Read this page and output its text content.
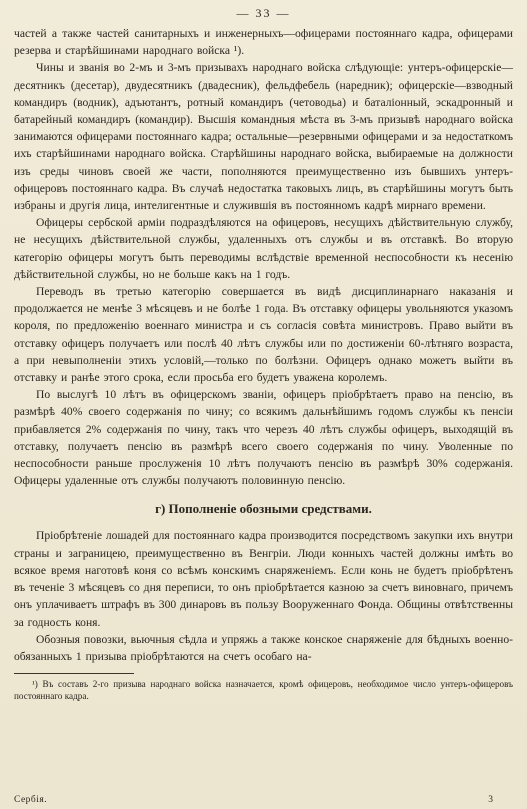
— 33 —

частей а также частей санитарныхъ и инженерныхъ—офицерами постояннаго кадра, офицерами резерва и старѣйшинами народнаго войска ¹).

Чины и званія во 2-мъ и 3-мъ призывахъ народнаго войска слѣдующіе: унтеръ-офицерскіе—десятникъ (десетар), двудесятникъ (двадесник), фельдфебель (наредник); офицерскіе—взводный командиръ (водник), адъютантъ, ротный командиръ (четоводьа) и баталіонный, эскадронный и батарейный командиръ (командир). Высшія командныя мѣста въ 3-мъ призывѣ народнаго войска занимаются офицерами постояннаго кадра; остальные—резервными офицерами и за недостаткомъ ихъ старѣйшинами народнаго войска. Старѣйшины народнаго войска, выбираемые на должности изъ среды чиновъ своей же части, пополняются преимущественно изъ бывшихъ унтеръ-офицеровъ постояннаго кадра. Въ случаѣ недостатка таковыхъ лицъ, въ старѣйшины могутъ быть избраны и другія лица, интелигентные и служившія въ постоянномъ кадрѣ мирнаго времени.

Офицеры сербской арміи подраздѣляются на офицеровъ, несущихъ дѣйствительную службу, не несущихъ дѣйствительной службы, удаленныхъ отъ службы и въ отставкѣ. Во вторую категорію офицеры могутъ быть переводимы вслѣдствіе временной неспособности къ несенію дѣйствительной службы, но не больше какъ на 1 годъ.

Переводъ въ третью категорію совершается въ видѣ дисциплинарнаго наказанія и продолжается не менѣе 3 мѣсяцевъ и не болѣе 1 года. Въ отставку офицеры увольняются указомъ короля, по предложенію военнаго министра и съ согласія совѣта министровъ. Право выйти въ отставку офицеръ получаетъ или послѣ 40 лѣтъ службы или по достиженіи 60-лѣтняго возраста, а при невыполненіи этихъ условій,—только по болѣзни. Офицеръ однако можетъ выйти въ отставку и ранѣе этого срока, если просьба его будетъ уважена королемъ.

По выслугѣ 10 лѣтъ въ офицерскомъ званіи, офицеръ пріобрѣтаетъ право на пенсію, въ размѣрѣ 40% своего содержанія по чину; со всякимъ дальнѣйшимъ годомъ службы къ пенсіи прибавляется 2% содержанія по чину, такъ что черезъ 40 лѣтъ службы офицеръ, выходящій въ отставку, получаетъ пенсію въ размѣрѣ всего своего содержанія по чину. Уволенные по неспособности раньше прослуженія 10 лѣтъ получаютъ пенсію въ размѣрѣ 30% содержанія. Офицеры удаленные отъ службы получаютъ половинную пенсію.

г) Пополненіе обозными средствами.

Пріобрѣтеніе лошадей для постояннаго кадра производится посредствомъ закупки ихъ внутри страны и заграницею, преимущественно въ Венгріи. Люди конныхъ частей должны имѣть во всякое время наготовѣ коня со всѣмъ конскимъ снаряженіемъ. Если конь не будетъ пріобрѣтенъ въ теченіе 3 мѣсяцевъ со дня переписи, то онъ пріобрѣтается казною за счетъ виновнаго, причемъ онъ уплачиваетъ штрафъ въ 300 динаровъ въ пользу Вооруженнаго Фонда. Общины отвѣтственны за годность коня.

Обозныя повозки, вьючныя сѣдла и упряжь а также конское снаряженіе для бѣдныхъ военно-обязанныхъ 1 призыва пріобрѣтаются на счетъ особаго на-

¹) Въ составъ 2-го призыва народнаго войска назначается, кромѣ офицеровъ, необходимое число унтеръ-офицеровъ постояннаго кадра.

Сербія.	3
